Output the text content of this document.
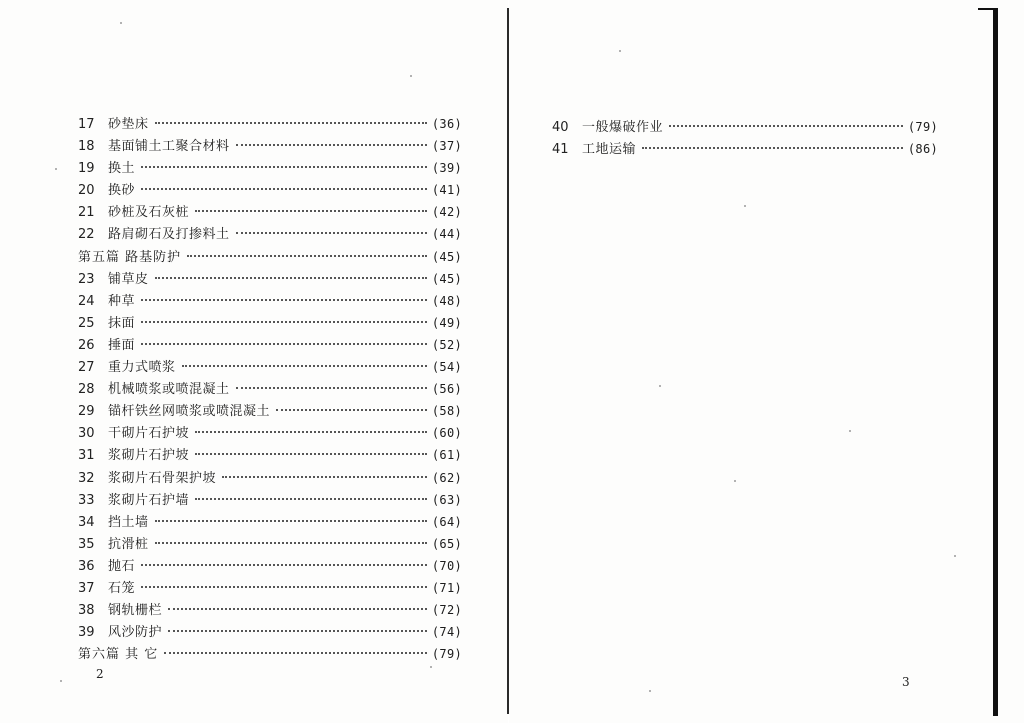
17	砂垫床	(36)
18	基面铺土工聚合材料	(37)
19	换土	(39)
20	换砂	(41)
21	砂桩及石灰桩	(42)
22	路肩砌石及打掺料土	(44)
第五篇 路基防护	(45)
23	铺草皮	(45)
24	种草	(48)
25	抹面	(49)
26	捶面	(52)
27	重力式喷浆	(54)
28	机械喷浆或喷混凝土	(56)
29	锚杆铁丝网喷浆或喷混凝土	(58)
30	干砌片石护坡	(60)
31	浆砌片石护坡	(61)
32	浆砌片石骨架护坡	(62)
33	浆砌片石护墙	(63)
34	挡土墙	(64)
35	抗滑桩	(65)
36	抛石	(70)
37	石笼	(71)
38	钢轨栅栏	(72)
39	风沙防护	(74)
第六篇 其 它	(79)
2
40	一般爆破作业	(79)
41	工地运输	(86)
3
